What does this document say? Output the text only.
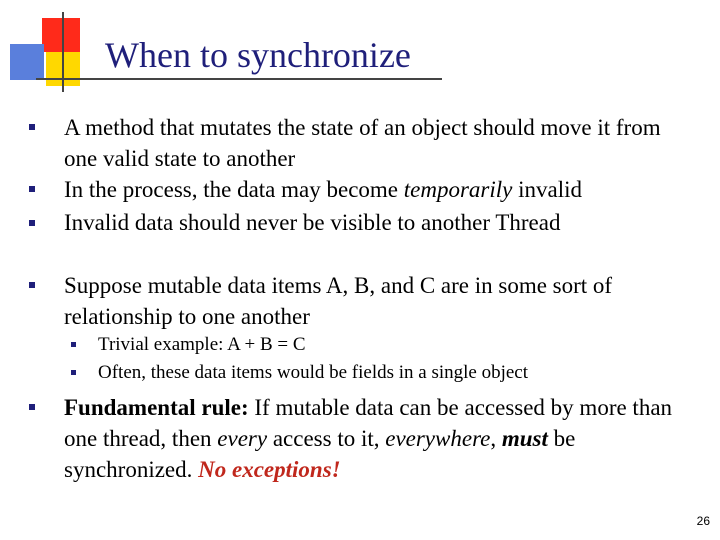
When to synchronize

A method that mutates the state of an object should move it from one valid state to another

In the process, the data may become temporarily invalid

Invalid data should never be visible to another Thread

Suppose mutable data items A, B, and C are in some sort of relationship to one another

Trivial example: A + B = C

Often, these data items would be fields in a single object

Fundamental rule: If mutable data can be accessed by more than one thread, then every access to it, everywhere, must be synchronized. No exceptions!

26
